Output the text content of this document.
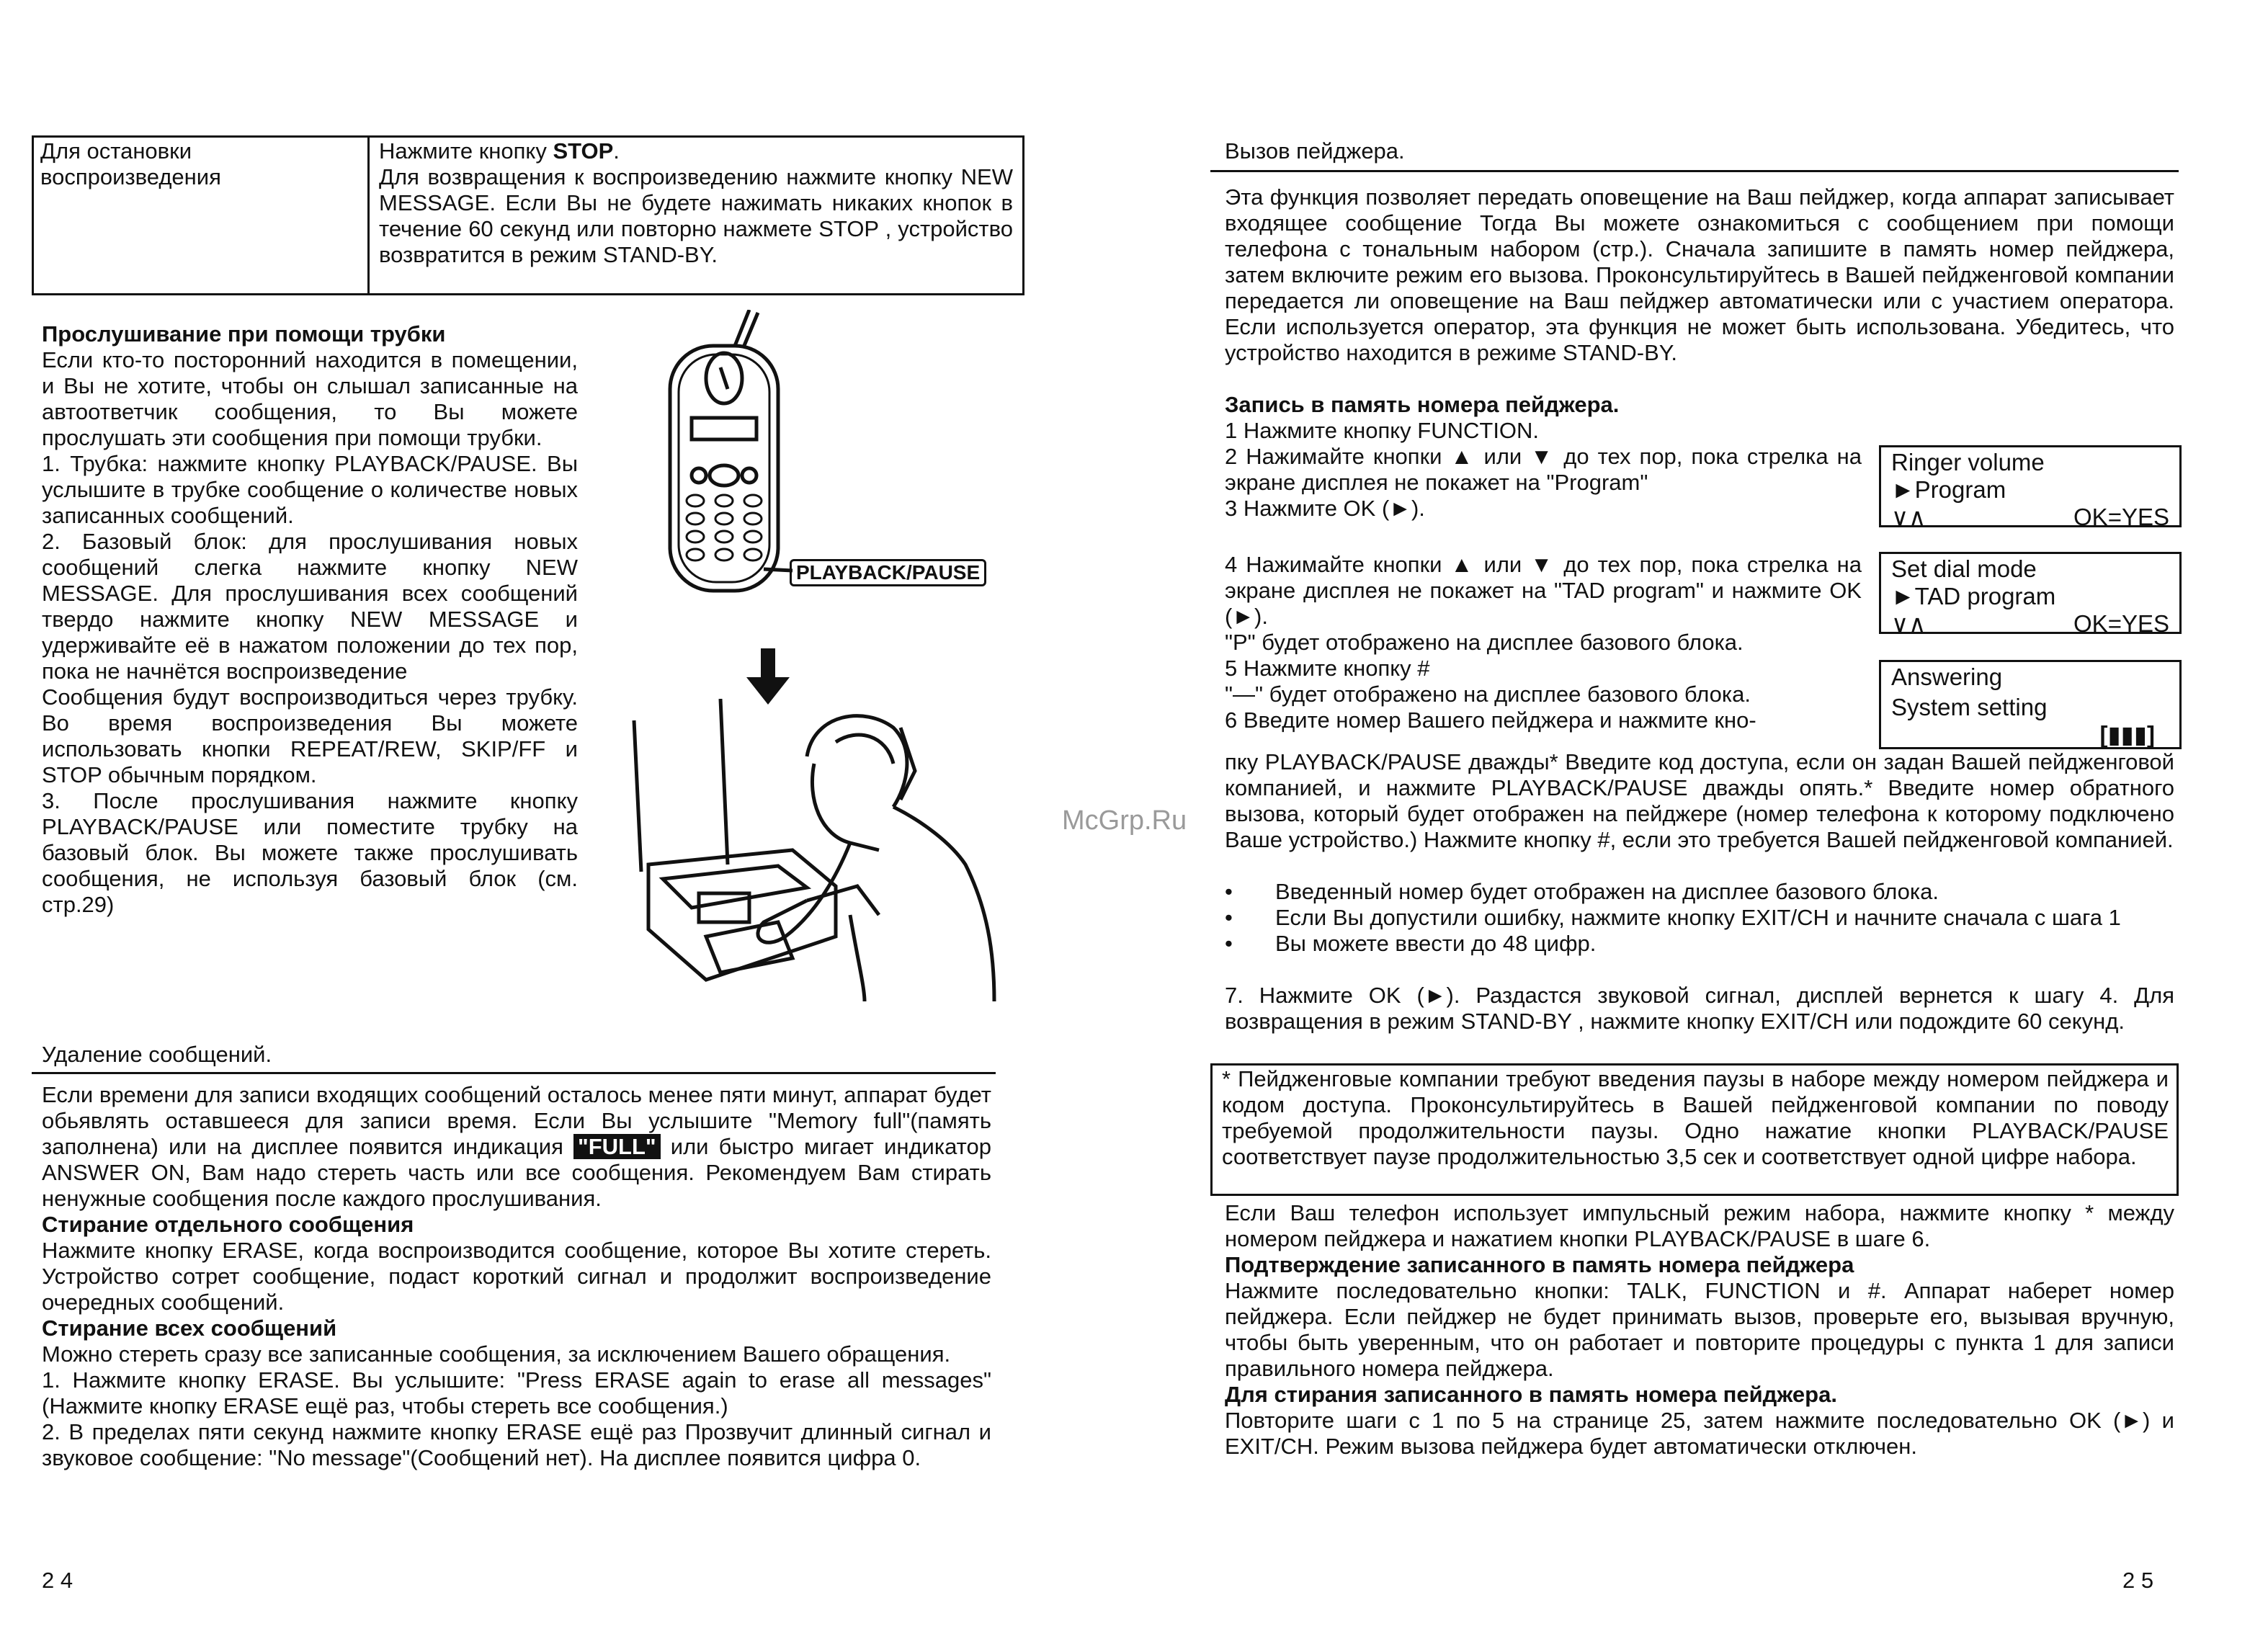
Для остановки воспроизведения
Нажмите кнопку STOP.
Для возвращения к воспроизведению нажмите кнопку NEW MESSAGE. Если Вы не будете нажимать никаких кнопок в течение 60 секунд или повторно нажмете STOP , устройство возвратится в режим STAND-BY.
Прослушивание при помощи трубки
Если кто-то посторонний находится в помещении, и Вы не хотите, чтобы он слышал записанные на автоответчик сообщения, то Вы можете прослушать эти сообщения при помощи трубки.
1. Трубка: нажмите кнопку PLAYBACK/PAUSE. Вы услышите в трубке сообщение о количестве новых записанных сообщений.
2. Базовый блок: для прослушивания новых сообщений слегка нажмите кнопку NEW MESSAGE. Для прослушивания всех сообщений твердо нажмите кнопку NEW MESSAGE и удерживайте её в нажатом положении до тех пор, пока не начнётся воспроизведение
Сообщения будут воспроизводиться через трубку. Во время воспроизведения Вы можете использовать кнопки REPEAT/REW, SKIP/FF и STOP обычным порядком.
3. После прослушивания нажмите кнопку PLAYBACK/PAUSE или поместите трубку на базовый блок. Вы можете также прослушивать сообщения, не используя базовый блок (см. стр.29)
PLAYBACK/PAUSE
Удаление сообщений.
Если времени для записи входящих сообщений осталось менее пяти минут, аппарат будет обьявлять оставшееся для записи время. Если Вы услышите "Memory full"(память заполнена) или на дисплее появится индикация "FULL" или быстро мигает индикатор ANSWER ON, Вам надо стереть часть или все сообщения. Рекомендуем Вам стирать ненужные сообщения после каждого прослушивания.
Стирание отдельного сообщения
Нажмите кнопку ERASE, когда воспроизводится сообщение, которое Вы хотите стереть. Устройство сотрет сообщение, подаст короткий сигнал и продолжит воспроизведение очередных сообщений.
Стирание всех сообщений
Можно стереть сразу все записанные сообщения, за исключением Вашего обращения.
1. Нажмите кнопку ERASE. Вы услышите: "Press ERASE again to erase all messages"(Нажмите кнопку ERASE ещё раз, чтобы стереть все сообщения.)
2. В пределах пяти секунд нажмите кнопку ERASE ещё раз Прозвучит длинный сигнал и звуковое сообщение: "No message"(Сообщений нет). На дисплее появится цифра 0.
2 4
Вызов пейджера.
Эта функция позволяет передать оповещение на Ваш пейджер, когда аппарат записывает входящее сообщение Тогда Вы можете ознакомиться с сообщением при помощи телефона с тональным набором (стр.). Сначала запишите в память номер пейджера, затем включите режим его вызова. Проконсультируйтесь в Вашей пейдженговой компании передается ли оповещение на Ваш пейджер автоматически или с участием оператора. Если используется оператор, эта функция не может быть использована. Убедитесь, что устройство находится в режиме STAND-BY.
Запись в память номера пейджера.
1 Нажмите кнопку FUNCTION.
2 Нажимайте кнопки ▲ или ▼ до тех пор, пока стрелка на экране дисплея не покажет на "Program"
3 Нажмите OK (►).
4 Нажимайте кнопки ▲ или ▼ до тех пор, пока стрелка на экране дисплея не покажет на "TAD program" и нажмите OK (►).
"P" будет отображено на дисплее базового блока.
5 Нажмите кнопку #
"—" будет отображено на дисплее базового блока.
6 Введите номер Вашего пейджера и нажмите кно-
Ringer volume
►Program
∨∧	OK=YES
Set dial mode
►TAD program
∨∧	OK=YES
Answering
System setting
[▮▮▮]
пку PLAYBACK/PAUSE дважды* Введите код доступа, если он задан Вашей пейдженговой компанией, и нажмите PLAYBACK/PAUSE дважды опять.* Введите номер обратного вызова, который будет отображен на пейджере (номер телефона к которому подключено Ваше устройство.) Нажмите кнопку #, если это требуется Вашей пейдженговой компанией.
• Введенный номер будет отображен на дисплее базового блока.
• Если Вы допустили ошибку, нажмите кнопку EXIT/CH и начните сначала с шага 1
• Вы можете ввести до 48 цифр.
7. Нажмите OK (►). Раздастся звуковой сигнал, дисплей вернется к шагу 4. Для возвращения в режим STAND-BY , нажмите кнопку EXIT/CH или подождите 60 секунд.
* Пейдженговые компании требуют введения паузы в наборе между номером пейджера и кодом доступа. Проконсультируйтесь в Вашей пейдженговой компании по поводу требуемой продолжительности паузы. Одно нажатие кнопки PLAYBACK/PAUSE соответствует паузе продолжительностью 3,5 сек и соответствует одной цифре набора.
Если Ваш телефон использует импульсный режим набора, нажмите кнопку * между номером пейджера и нажатием кнопки PLAYBACK/PAUSE в шаге 6.
Подтверждение записанного в память номера пейджера
Нажмите последовательно кнопки: TALK, FUNCTION и #. Аппарат наберет номер пейджера. Если пейджер не будет принимать вызов, проверьте его, вызывая вручную, чтобы быть уверенным, что он работает и повторите процедуры с пункта 1 для записи правильного номера пейджера.
Для стирания записанного в память номера пейджера.
Повторите шаги с 1 по 5 на странице 25, затем нажмите последовательно OK (►) и EXIT/CH. Режим вызова пейджера будет автоматически отключен.
2 5
McGrp.Ru
